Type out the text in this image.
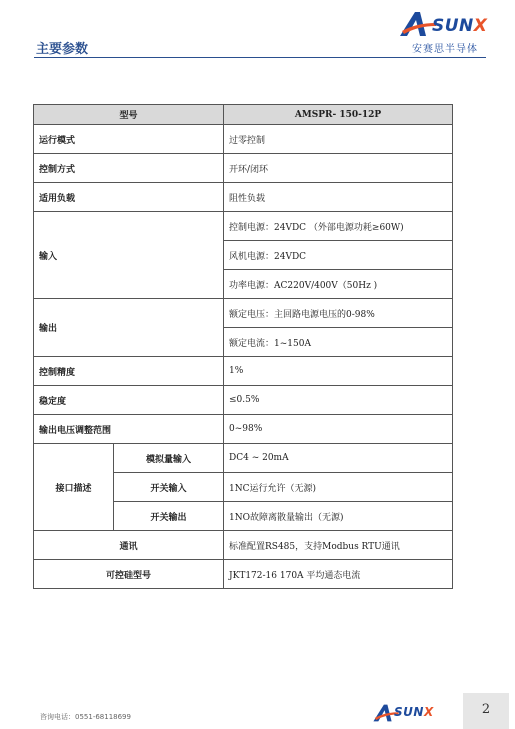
主要参数
SUNX
安赛思半导体
型号		AMSPR- 150-12P
运行模式		过零控制
控制方式		开环/闭环
适用负载		阻性负载
输入		控制电源：24VDC （外部电源功耗≥60W)
		风机电源：24VDC
		功率电源：AC220V/400V（50Hz )
输出		额定电压：主回路电源电压的0-98%
		额定电流：1~150A
控制精度		1%
稳定度		≤0.5%
输出电压调整范围		0~98%
接口描述	模拟量输入	DC4 ~ 20mA
	开关输入	1NC运行允许（无源)
	开关输出	1NO故障离散量输出（无源)
通讯		标准配置RS485，支持Modbus RTU通讯
可控硅型号		JKT172-16 170A 平均通态电流
咨询电话：0551-68118699	SUNX	2
